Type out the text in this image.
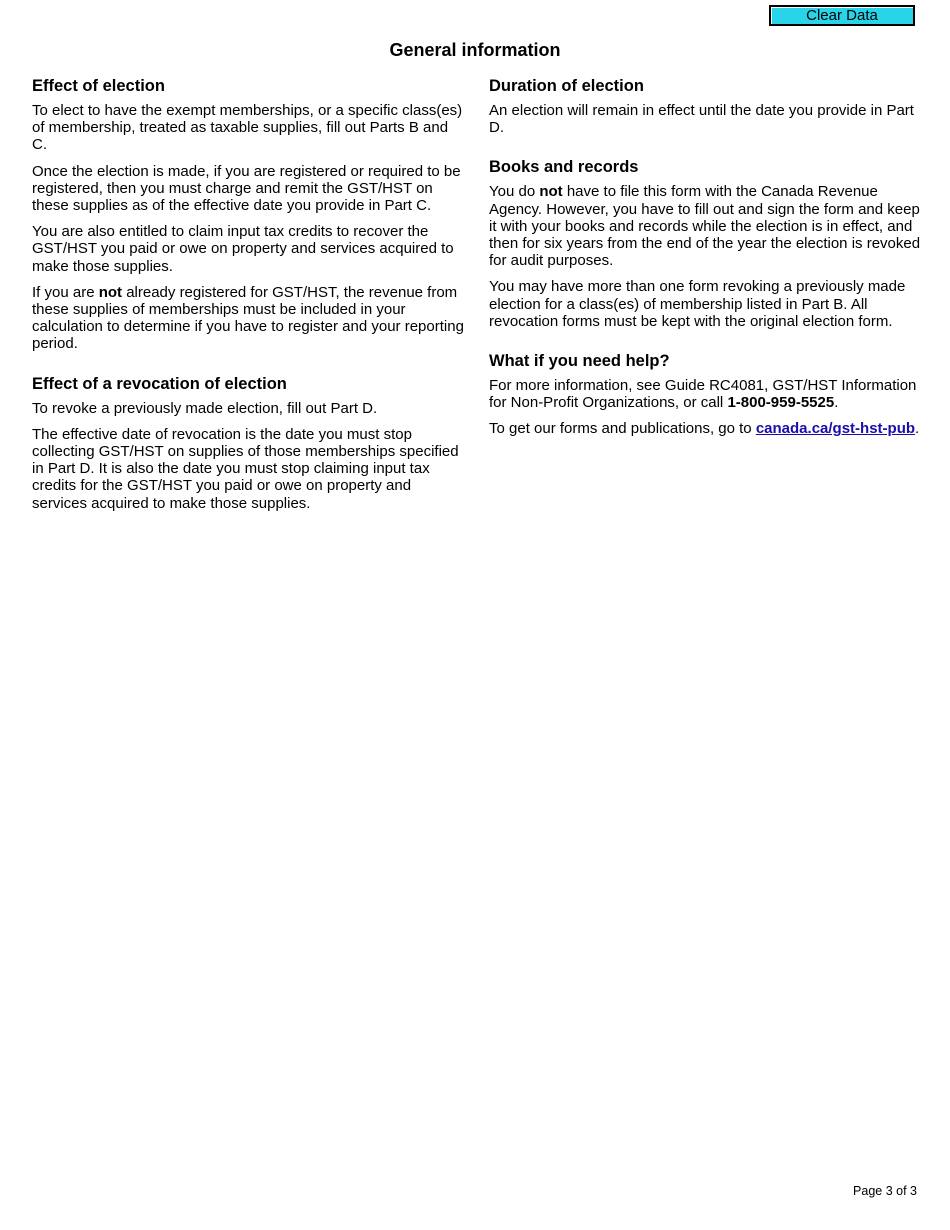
Clear Data
General information
Effect of election

To elect to have the exempt memberships, or a specific class(es) of membership, treated as taxable supplies, fill out Parts B and C.

Once the election is made, if you are registered or required to be registered, then you must charge and remit the GST/HST on these supplies as of the effective date you provide in Part C.

You are also entitled to claim input tax credits to recover the GST/HST you paid or owe on property and services acquired to make those supplies.

If you are not already registered for GST/HST, the revenue from these supplies of memberships must be included in your calculation to determine if you have to register and your reporting period.

Effect of a revocation of election

To revoke a previously made election, fill out Part D.

The effective date of revocation is the date you must stop collecting GST/HST on supplies of those memberships specified in Part D. It is also the date you must stop claiming input tax credits for the GST/HST you paid or owe on property and services acquired to make those supplies.

Duration of election

An election will remain in effect until the date you provide in Part D.

Books and records

You do not have to file this form with the Canada Revenue Agency. However, you have to fill out and sign the form and keep it with your books and records while the election is in effect, and then for six years from the end of the year the election is revoked for audit purposes.

You may have more than one form revoking a previously made election for a class(es) of membership listed in Part B. All revocation forms must be kept with the original election form.

What if you need help?

For more information, see Guide RC4081, GST/HST Information for Non-Profit Organizations, or call 1-800-959-5525.

To get our forms and publications, go to canada.ca/gst-hst-pub.

Page 3 of 3
